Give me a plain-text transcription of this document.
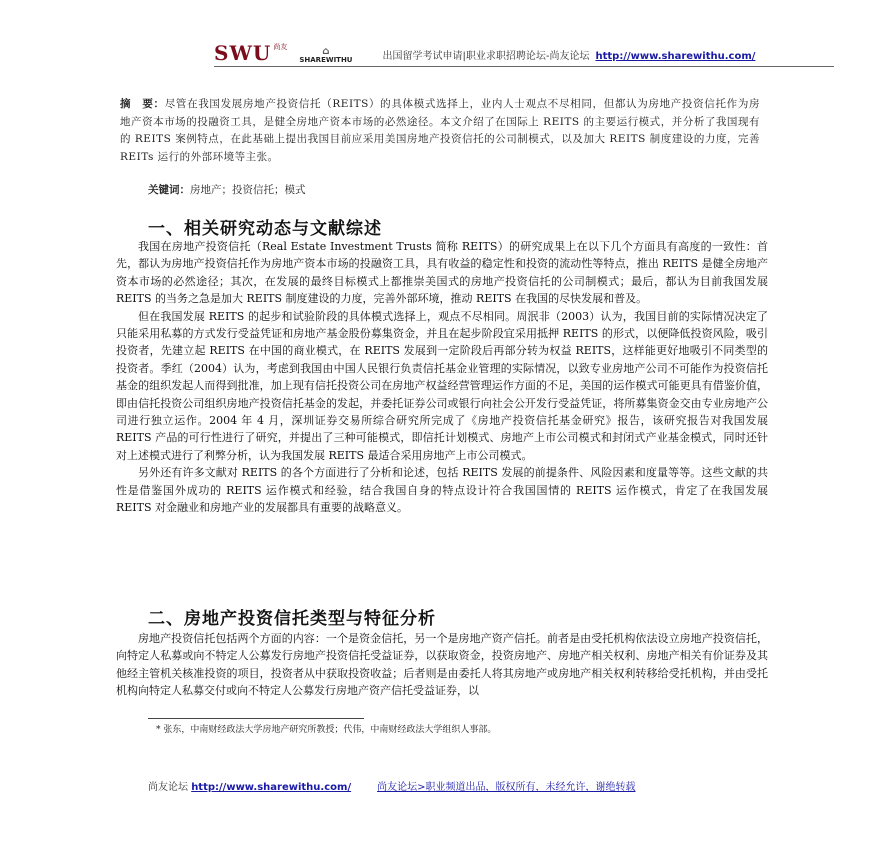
SWU 尚友	⌂
SHAREWITHU	出国留学考试申请|职业求职招聘论坛-尚友论坛 http://www.sharewithu.com/
摘　要：尽管在我国发展房地产投资信托（REITS）的具体模式选择上，业内人士观点不尽相同，但都认为房地产投资信托作为房地产资本市场的投融资工具，是健全房地产资本市场的必然途径。本文介绍了在国际上 REITS 的主要运行模式，并分析了我国现有的 REITS 案例特点，在此基础上提出我国目前应采用美国房地产投资信托的公司制模式，以及加大 REITS 制度建设的力度，完善 REITs 运行的外部环境等主张。
关键词：房地产；投资信托；模式
一、相关研究动态与文献综述

我国在房地产投资信托（Real Estate Investment Trusts 简称 REITS）的研究成果上在以下几个方面具有高度的一致性：首先，都认为房地产投资信托作为房地产资本市场的投融资工具，具有收益的稳定性和投资的流动性等特点，推出 REITS 是健全房地产资本市场的必然途径；其次，在发展的最终目标模式上都推崇美国式的房地产投资信托的公司制模式；最后，都认为目前我国发展 REITS 的当务之急是加大 REITS 制度建设的力度，完善外部环境，推动 REITS 在我国的尽快发展和普及。

但在我国发展 REITS 的起步和试验阶段的具体模式选择上，观点不尽相同。周泯非（2003）认为，我国目前的实际情况决定了只能采用私募的方式发行受益凭证和房地产基金股份募集资金，并且在起步阶段宜采用抵押 REITS 的形式，以便降低投资风险，吸引投资者，先建立起 REITS 在中国的商业模式，在 REITS 发展到一定阶段后再部分转为权益 REITS，这样能更好地吸引不同类型的投资者。季红（2004）认为，考虑到我国由中国人民银行负责信托基金业管理的实际情况，以致专业房地产公司不可能作为投资信托基金的组织发起人而得到批准，加上现有信托投资公司在房地产权益经营管理运作方面的不足，美国的运作模式可能更具有借鉴价值，即由信托投资公司组织房地产投资信托基金的发起，并委托证券公司或银行向社会公开发行受益凭证，将所募集资金交由专业房地产公司进行独立运作。2004 年 4 月，深圳证券交易所综合研究所完成了《房地产投资信托基金研究》报告，该研究报告对我国发展 REITS 产品的可行性进行了研究，并提出了三种可能模式，即信托计划模式、房地产上市公司模式和封闭式产业基金模式，同时还针对上述模式进行了利弊分析，认为我国发展 REITS 最适合采用房地产上市公司模式。

另外还有许多文献对 REITS 的各个方面进行了分析和论述，包括 REITS 发展的前提条件、风险因素和度量等等。这些文献的共性是借鉴国外成功的 REITS 运作模式和经验，结合我国自身的特点设计符合我国国情的 REITS 运作模式，肯定了在我国发展 REITS 对金融业和房地产业的发展都具有重要的战略意义。

二、房地产投资信托类型与特征分析

房地产投资信托包括两个方面的内容：一个是资金信托，另一个是房地产资产信托。前者是由受托机构依法设立房地产投资信托，向特定人私募或向不特定人公募发行房地产投资信托受益证券，以获取资金，投资房地产、房地产相关权利、房地产相关有价证券及其他经主管机关核准投资的项目，投资者从中获取投资收益；后者则是由委托人将其房地产或房地产相关权利转移给受托机构，并由受托机构向特定人私募交付或向不特定人公募发行房地产资产信托受益证券，以

* 张东，中南财经政法大学房地产研究所教授；代伟，中南财经政法大学组织人事部。
尚友论坛 http://www.sharewithu.com/	尚友论坛>职业频道出品，版权所有，未经允许，谢绝转载
